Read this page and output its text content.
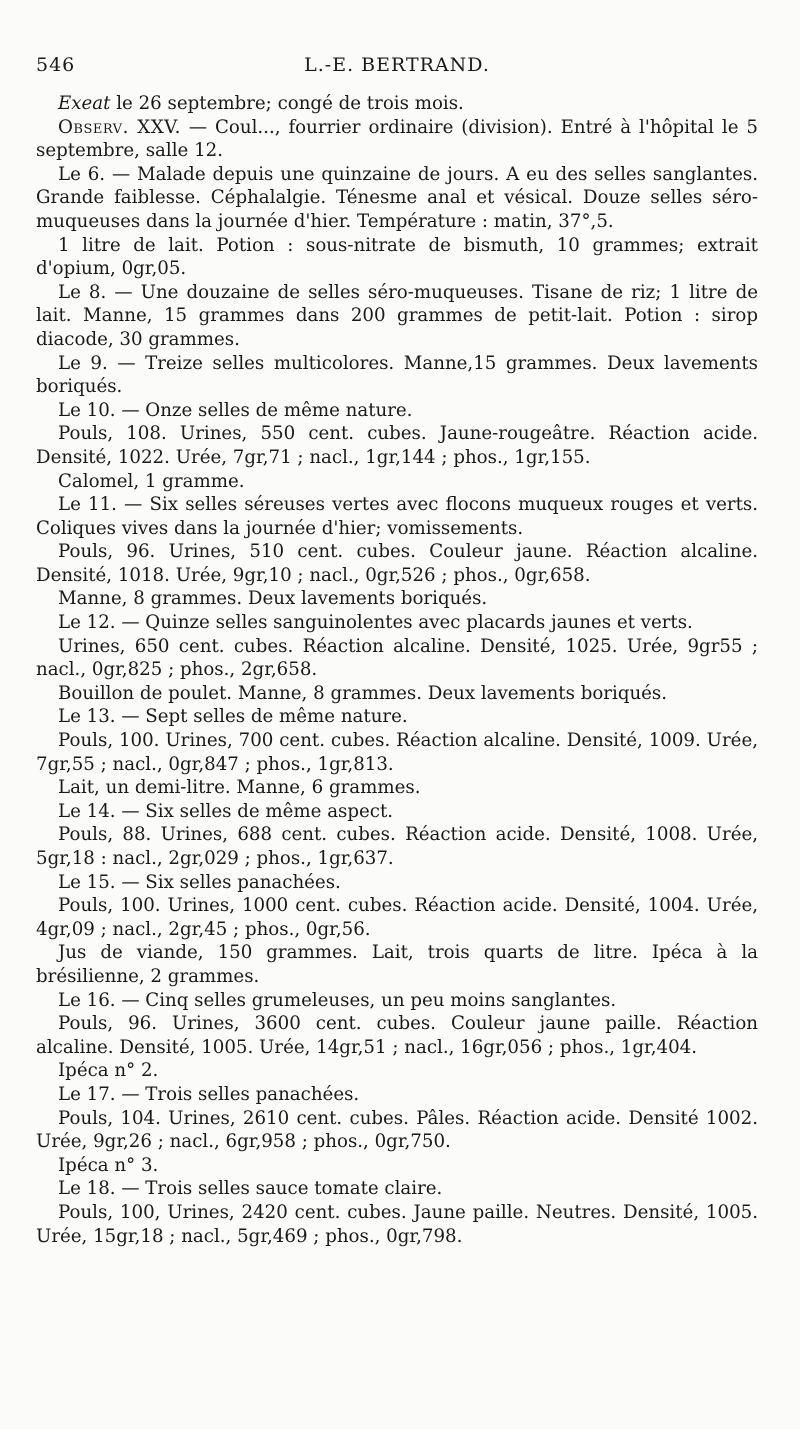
546	L.-E. BERTRAND.

Exeat le 26 septembre; congé de trois mois.

Observ. XXV. — Coul..., fourrier ordinaire (division). Entré à l'hôpital le 5 septembre, salle 12.

Le 6. — Malade depuis une quinzaine de jours. A eu des selles sanglantes. Grande faiblesse. Céphalalgie. Ténesme anal et vésical. Douze selles séro-muqueuses dans la journée d'hier. Température : matin, 37°,5.

1 litre de lait. Potion : sous-nitrate de bismuth, 10 grammes; extrait d'opium, 0gr,05.

Le 8. — Une douzaine de selles séro-muqueuses. Tisane de riz; 1 litre de lait. Manne, 15 grammes dans 200 grammes de petit-lait. Potion : sirop diacode, 30 grammes.

Le 9. — Treize selles multicolores. Manne,15 grammes. Deux lavements boriqués.

Le 10. — Onze selles de même nature.

Pouls, 108. Urines, 550 cent. cubes. Jaune-rougeâtre. Réaction acide. Densité, 1022. Urée, 7gr,71 ; nacl., 1gr,144 ; phos., 1gr,155.

Calomel, 1 gramme.

Le 11. — Six selles séreuses vertes avec flocons muqueux rouges et verts. Coliques vives dans la journée d'hier; vomissements.

Pouls, 96. Urines, 510 cent. cubes. Couleur jaune. Réaction alcaline. Densité, 1018. Urée, 9gr,10 ; nacl., 0gr,526 ; phos., 0gr,658.

Manne, 8 grammes. Deux lavements boriqués.

Le 12. — Quinze selles sanguinolentes avec placards jaunes et verts.

Urines, 650 cent. cubes. Réaction alcaline. Densité, 1025. Urée, 9gr55 ; nacl., 0gr,825 ; phos., 2gr,658.

Bouillon de poulet. Manne, 8 grammes. Deux lavements boriqués.

Le 13. — Sept selles de même nature.

Pouls, 100. Urines, 700 cent. cubes. Réaction alcaline. Densité, 1009. Urée, 7gr,55 ; nacl., 0gr,847 ; phos., 1gr,813.

Lait, un demi-litre. Manne, 6 grammes.

Le 14. — Six selles de même aspect.

Pouls, 88. Urines, 688 cent. cubes. Réaction acide. Densité, 1008. Urée, 5gr,18 : nacl., 2gr,029 ; phos., 1gr,637.

Le 15. — Six selles panachées.

Pouls, 100. Urines, 1000 cent. cubes. Réaction acide. Densité, 1004. Urée, 4gr,09 ; nacl., 2gr,45 ; phos., 0gr,56.

Jus de viande, 150 grammes. Lait, trois quarts de litre. Ipéca à la brésilienne, 2 grammes.

Le 16. — Cinq selles grumeleuses, un peu moins sanglantes.

Pouls, 96. Urines, 3600 cent. cubes. Couleur jaune paille. Réaction alcaline. Densité, 1005. Urée, 14gr,51 ; nacl., 16gr,056 ; phos., 1gr,404.

Ipéca n° 2.

Le 17. — Trois selles panachées.

Pouls, 104. Urines, 2610 cent. cubes. Pâles. Réaction acide. Densité 1002. Urée, 9gr,26 ; nacl., 6gr,958 ; phos., 0gr,750.

Ipéca n° 3.

Le 18. — Trois selles sauce tomate claire.

Pouls, 100, Urines, 2420 cent. cubes. Jaune paille. Neutres. Densité, 1005. Urée, 15gr,18 ; nacl., 5gr,469 ; phos., 0gr,798.
